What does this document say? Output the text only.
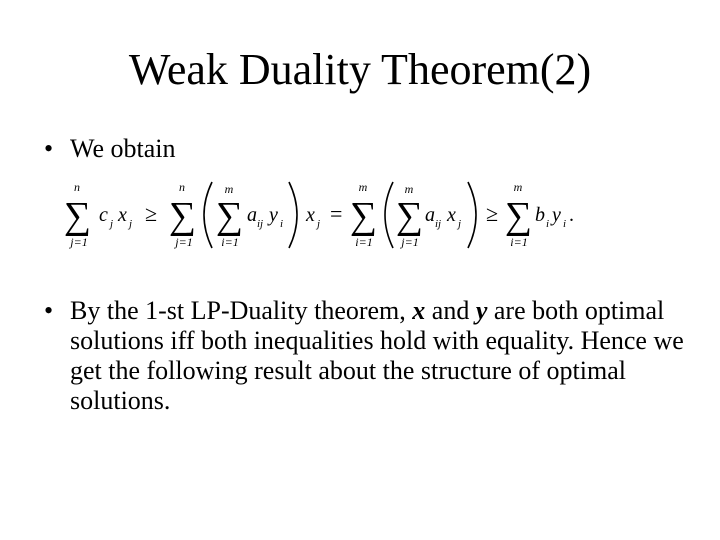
Weak Duality Theorem(2)
• We obtain
n
∑
j=1
c j x j ≥
n
∑
j=1
m
∑
i=1
a ij y i x j =
m
∑
i=1
m
∑
j=1
a ij x j ≥
m
∑
i=1
b i y i .
• By the 1-st LP-Duality theorem, x and y are both optimal solutions iff both inequalities hold with equality. Hence we get the following result about the structure of optimal solutions.
